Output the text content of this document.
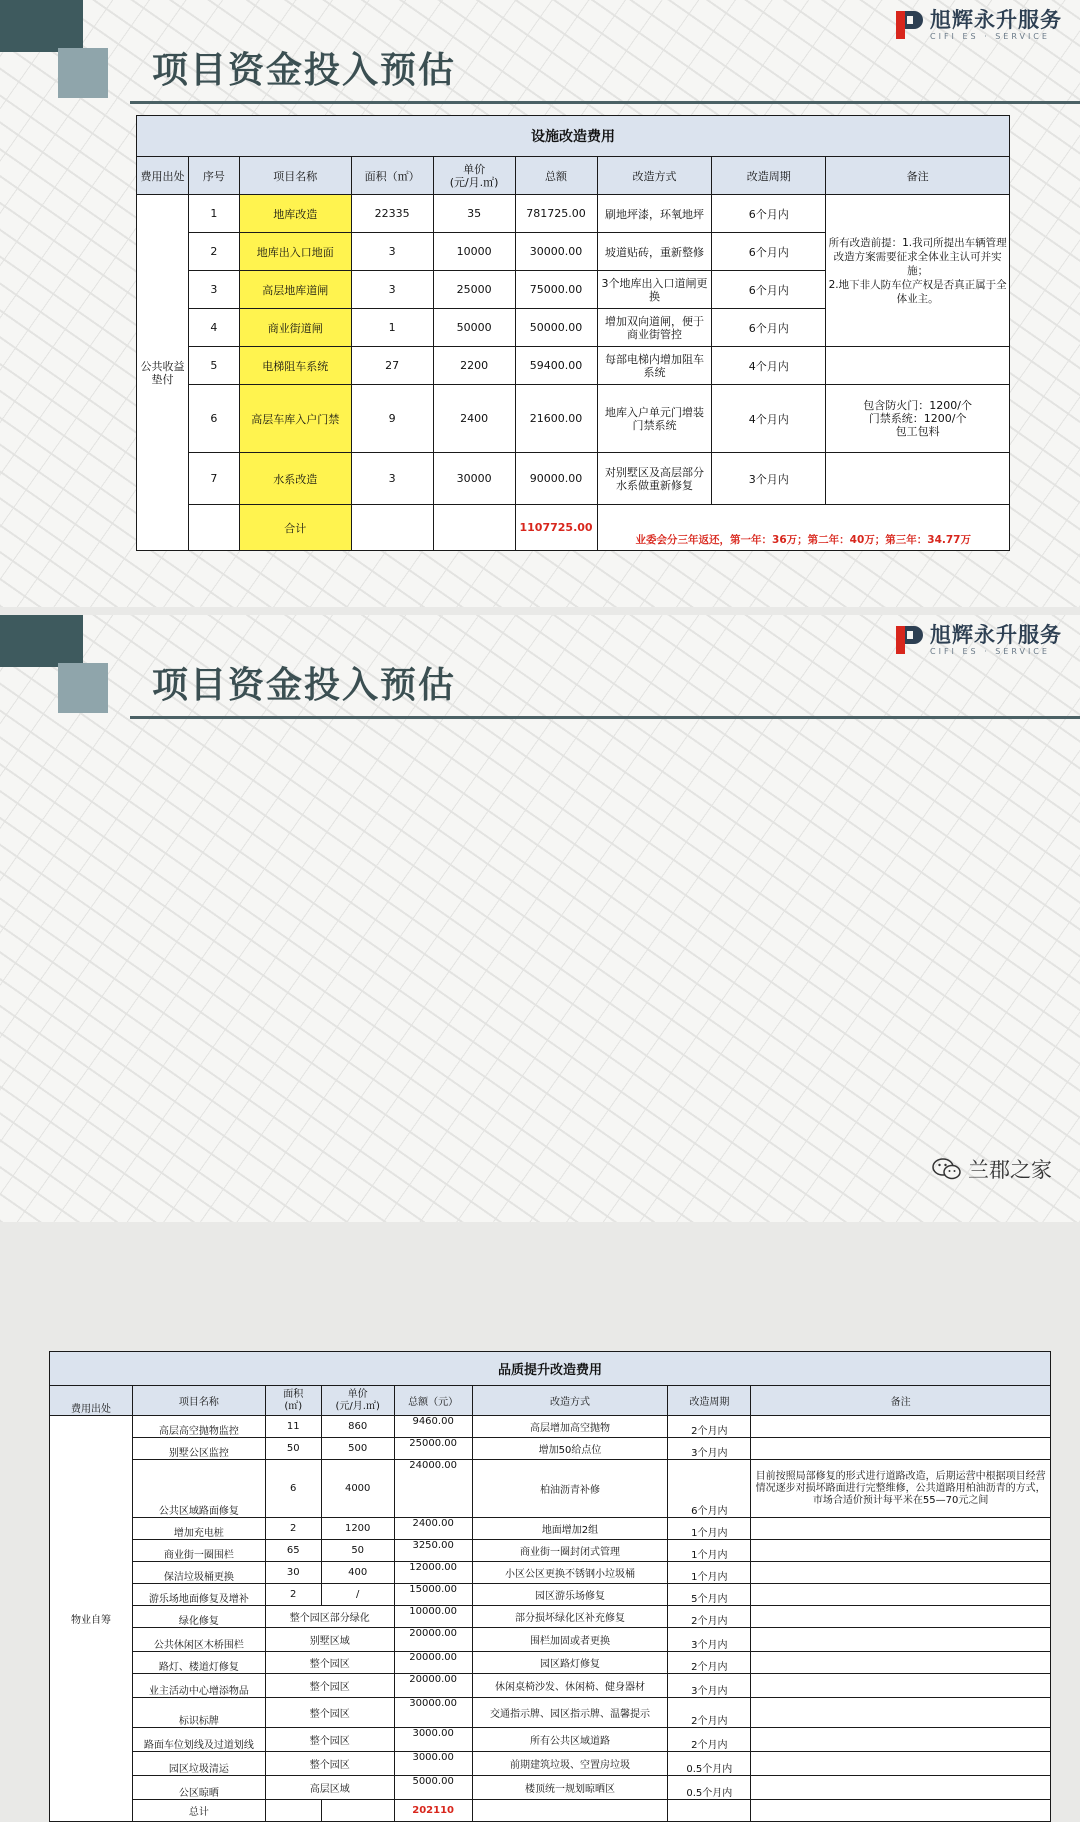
项目资金投入预估
旭辉永升服务
CIFI ES · SERVICE
设施改造费用								
费用出处	序号	项目名称	面积（㎡）	单价
(元/月.㎡)	总额	改造方式	改造周期	备注
公共收益
垫付	1	地库改造	22335	35	781725.00	刷地坪漆，环氧地坪	6个月内	所有改造前提：1.我司所提出车辆管理改造方案需要征求全体业主认可并实施；
2.地下非人防车位产权是否真正属于全体业主。
	2	地库出入口地面	3	10000	30000.00	坡道贴砖，重新整修	6个月内	
	3	高层地库道闸	3	25000	75000.00	3个地库出入口道闸更换	6个月内	
	4	商业街道闸	1	50000	50000.00	增加双向道闸，便于商业街管控	6个月内	
	5	电梯阻车系统	27	2200	59400.00	每部电梯内增加阻车系统	4个月内	
	6	高层车库入户门禁	9	2400	21600.00	地库入户单元门增装门禁系统	4个月内	包含防火门：1200/个
门禁系统：1200/个
包工包料
	7	水系改造	3	30000	90000.00	对别墅区及高层部分水系做重新修复	3个月内	
		合计			1107725.00	业委会分三年返还，第一年：36万；第二年：40万；第三年：34.77万		
项目资金投入预估
旭辉永升服务
CIFI ES · SERVICE
品质提升改造费用							
费用出处	项目名称	面积
(㎡)	单价
(元/月.㎡)	总额（元）	改造方式	改造周期	备注
物业自筹	高层高空抛物监控	11	860	9460.00	高层增加高空抛物	2个月内	
	别墅公区监控	50	500	25000.00	增加50给点位	3个月内	
	公共区域路面修复	6	4000	24000.00	柏油沥青补修	6个月内	目前按照局部修复的形式进行道路改造，后期运营中根据项目经营情况逐步对损坏路面进行完整维修，公共道路用柏油沥青的方式，市场合适价预计每平米在55—70元之间
	增加充电桩	2	1200	2400.00	地面增加2组	1个月内	
	商业街一圈围栏	65	50	3250.00	商业街一圈封闭式管理	1个月内	
	保洁垃圾桶更换	30	400	12000.00	小区公区更换不锈钢小垃圾桶	1个月内	
	游乐场地面修复及增补	2	/	15000.00	园区游乐场修复	5个月内	
	绿化修复	整个园区部分绿化		10000.00	部分损坏绿化区补充修复	2个月内	
	公共休闲区木桥围栏	别墅区域		20000.00	围栏加固或者更换	3个月内	
	路灯、楼道灯修复	整个园区		20000.00	园区路灯修复	2个月内	
	业主活动中心增添物品	整个园区		20000.00	休闲桌椅沙发、休闲椅、健身器材	3个月内	
	标识标牌	整个园区		30000.00	交通指示牌、园区指示牌、温馨提示	2个月内	
	路面车位划线及过道划线	整个园区		3000.00	所有公共区域道路	2个月内	
	园区垃圾清运	整个园区		3000.00	前期建筑垃圾、空置房垃圾	0.5个月内	
	公区晾晒	高层区域		5000.00	楼顶统一规划晾晒区	0.5个月内	
	总计			202110			
兰郡之家
